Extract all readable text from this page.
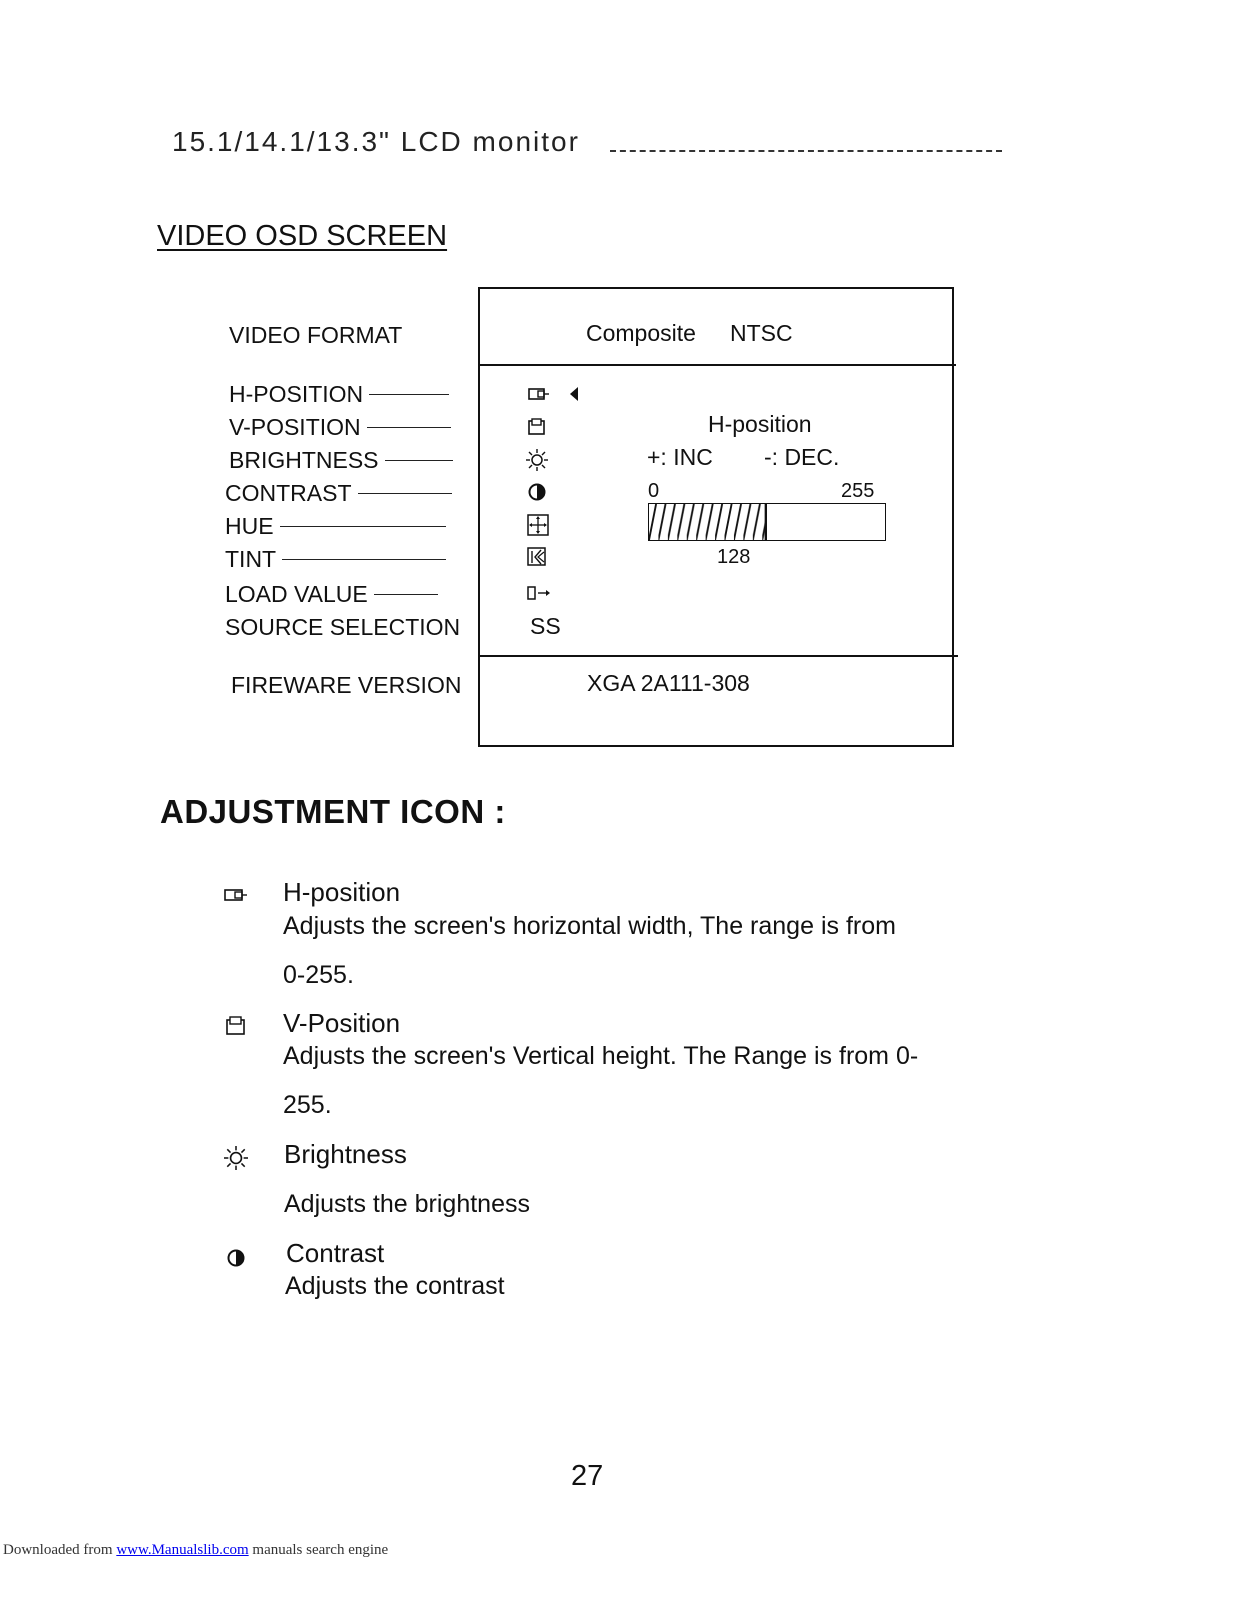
15.1/14.1/13.3" LCD monitor
VIDEO OSD SCREEN
VIDEO FORMAT
H-POSITION
V-POSITION
BRIGHTNESS
CONTRAST
HUE
TINT
LOAD VALUE
SOURCE SELECTION
FIREWARE VERSION
Composite NTSC
SS
H-position
+: INC -: DEC.
0	255
128
XGA 2A111-308
ADJUSTMENT ICON :
H-position
Adjusts the screen's horizontal width, The range is from
0-255.
V-Position
Adjusts the screen's Vertical height. The Range is from 0-
255.
Brightness
Adjusts the brightness
Contrast
Adjusts the contrast
27
Downloaded from www.Manualslib.com manuals search engine
